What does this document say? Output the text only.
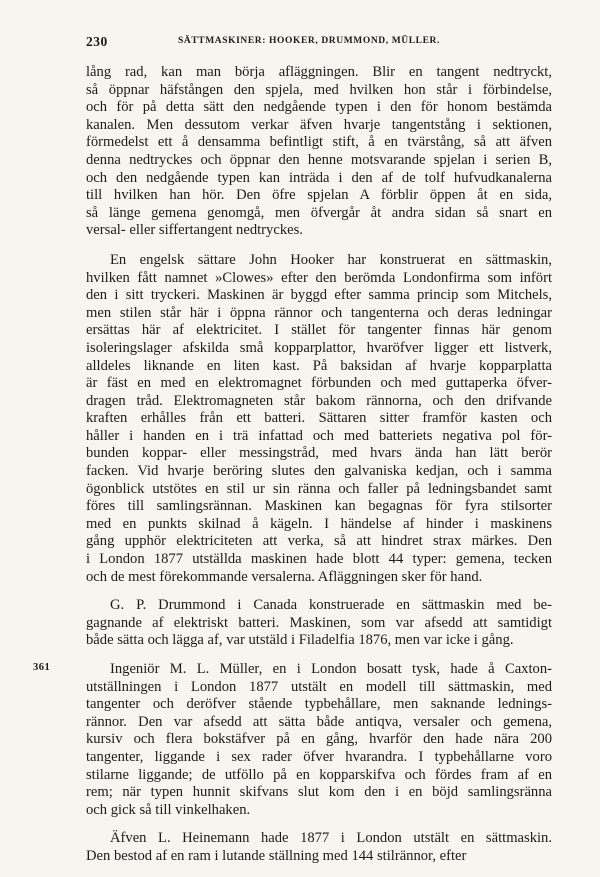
230	SÄTTMASKINER: HOOKER, DRUMMOND, MÜLLER.
lång rad, kan man börja afläggningen. Blir en tangent nedtryckt,
så öppnar häfstången den spjela, med hvilken hon står i förbindelse,
och för på detta sätt den nedgående typen i den för honom bestämda
kanalen. Men dessutom verkar äfven hvarje tangentstång i sektionen,
förmedelst ett å densamma befintligt stift, å en tvärstång, så att äfven
denna nedtryckes och öppnar den henne motsvarande spjelan i serien B,
och den nedgående typen kan inträda i den af de tolf hufvudkanalerna
till hvilken han hör. Den öfre spjelan A förblir öppen åt en sida,
så länge gemena genomgå, men öfvergår åt andra sidan så snart en
versal- eller siffertangent nedtryckes.
En engelsk sättare John Hooker har konstruerat en sättmaskin,
hvilken fått namnet »Clowes» efter den berömda Londonfirma som infört
den i sitt tryckeri. Maskinen är byggd efter samma princip som Mitchels,
men stilen står här i öppna rännor och tangenterna och deras ledningar
ersättas här af elektricitet. I stället för tangenter finnas här genom
isoleringslager afskilda små kopparplattor, hvaröfver ligger ett listverk,
alldeles liknande en liten kast. På baksidan af hvarje kopparplatta
är fäst en med en elektromagnet förbunden och med guttaperka öfver-
dragen tråd. Elektromagneten står bakom rännorna, och den drifvande
kraften erhålles från ett batteri. Sättaren sitter framför kasten och
håller i handen en i trä infattad och med batteriets negativa pol för-
bunden koppar- eller messingstråd, med hvars ända han lätt berör
facken. Vid hvarje beröring slutes den galvaniska kedjan, och i samma
ögonblick utstötes en stil ur sin ränna och faller på ledningsbandet samt
föres till samlingsrännan. Maskinen kan begagnas för fyra stilsorter
med en punkts skilnad å kägeln. I händelse af hinder i maskinens
gång upphör elektriciteten att verka, så att hindret strax märkes. Den
i London 1877 utställda maskinen hade blott 44 typer: gemena, tecken
och de mest förekommande versalerna. Afläggningen sker för hand.
G. P. Drummond i Canada konstruerade en sättmaskin med be-
gagnande af elektriskt batteri. Maskinen, som var afsedd att samtidigt
både sätta och lägga af, var utstäld i Filadelfia 1876, men var icke i gång.
361	Ingeniör M. L. Müller, en i London bosatt tysk, hade å Caxton-
utställningen i London 1877 utstält en modell till sättmaskin, med
tangenter och deröfver stående typbehållare, men saknande lednings-
rännor. Den var afsedd att sätta både antiqva, versaler och gemena,
kursiv och flera bokstäfver på en gång, hvarför den hade nära 200
tangenter, liggande i sex rader öfver hvarandra. I typbehållarne voro
stilarne liggande; de utföllo på en kopparskifva och fördes fram af en
rem; när typen hunnit skifvans slut kom den i en böjd samlingsränna
och gick så till vinkelhaken.
Äfven L. Heinemann hade 1877 i London utstält en sättmaskin.
Den bestod af en ram i lutande ställning med 144 stilrännor, efter
